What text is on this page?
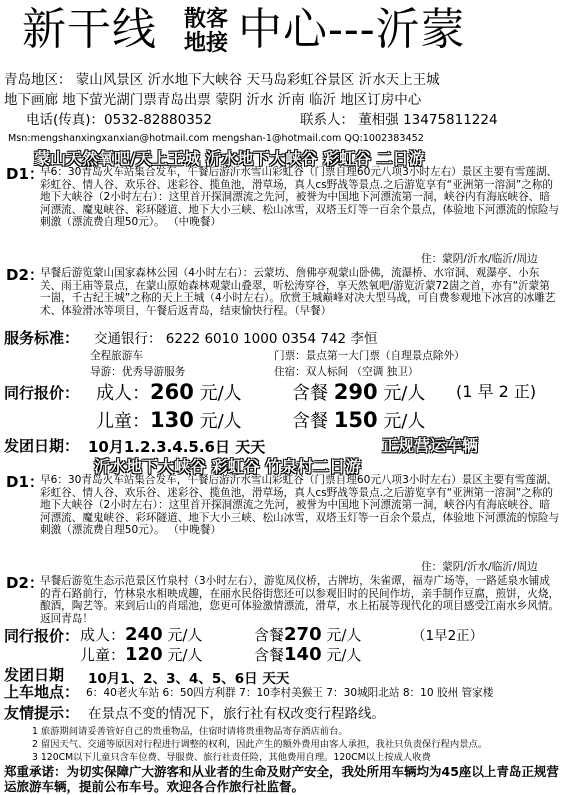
新干线 散客
地接 中心---沂蒙
青岛地区： 蒙山风景区 沂水地下大峡谷 天马岛彩虹谷景区 沂水天上王城
地下画廊 地下萤光湖门票青岛出票 蒙阴 沂水 沂南 临沂 地区订房中心
电话(传真)：0532-82880352	联系人： 董相强 13475811224
Msn:mengshanxingxanxian@hotmail.com mengshan-1@hotmail.com QQ:1002383452
蒙山天然氧吧/天上王城 沂水地下大峡谷 彩虹谷 二日游
D1：
早6：30青岛火车站集合发车，午餐后游沂水雪山彩虹谷（门票自理60元八项3小时左右）景区主要有雪莲湖、彩虹谷、情人谷、欢乐谷、迷彩谷、揽鱼池，滑草场，真人cs野战等景点.之后游览享有“亚洲第一溶洞”之称的地下大峡谷（2小时左右）：这里首开探洞漂流之先河，被誉为中国地下河漂流第一洞，峡谷内有海底峡谷、暗河漂流、魔鬼峡谷、彩环隧道、地下大小三峡、松山冰雪，双塔玉灯等一百余个景点，体验地下河漂流的惊险与刺激（漂流费自理50元）。 （中晚餐）
住：蒙阴/沂水/临沂/周边
D2：
早餐后游览蒙山国家森林公园（4小时左右）：云蒙坊、詹佛亭观蒙山卧佛，流瀑桥、水帘洞、观瀑亭、小东关、雨王庙等景点，在蒙山原始森林观蒙山叠翠，听松涛穿谷，享天然氧吧/游览沂蒙72崮之首，亦有“沂蒙第一崮，千古纪王城”之称的天上王城（4小时左右）。欣赏王城巅峰对决大型马战，可自费参观地下冰宫的冰雕艺术、体验滑冰等项目，午餐后返青岛，结束愉快行程。（早餐）
服务标准： 交通银行： 6222 6010 1000 0354 742 李恒
全程旅游车	门票：景点第一大门票（自理景点除外）
导游：优秀导游服务	住宿：双人标间 （空调 独卫）
同行报价： 成人：260 元/人	含餐 290 元/人 (1 早 2 正)
儿童：130 元/人	含餐 150 元/人
发团日期： 10月1.2.3.4.5.6日 天天	正规营运车辆
沂水地下大峡谷 彩虹谷 竹泉村二日游
D1：
早6：30青岛火车站集合发车，午餐后游沂水雪山彩虹谷（门票自理60元八项3小时左右）景区主要有雪莲湖、彩虹谷、情人谷、欢乐谷、迷彩谷、揽鱼池，滑草场，真人cs野战等景点.之后游览享有“亚洲第一溶洞”之称的地下大峡谷（2小时左右）：这里首开探洞漂流之先河，被誉为中国地下河漂流第一洞，峡谷内有海底峡谷、暗河漂流、魔鬼峡谷、彩环隧道、地下大小三峡、松山冰雪，双塔玉灯等一百余个景点，体验地下河漂流的惊险与刺激（漂流费自理50元）。 （中晚餐）
住：蒙阴/沂水/临沂/周边
D2：
早餐后游览生态示范景区竹泉村（3小时左右），游览凤仪桥，古牌坊，朱雀谭，福寿广场等，一路延泉水铺成的青石路前行，竹林泉水相映成趣，在丽水民俗街您还可以参观旧时的民间作坊，亲手制作豆腐，煎饼，火烧，酿酒，陶艺等。来到后山的肖瑶池，您更可体验激情漂流，滑草，水上拓展等现代化的项目感受江南水乡风情。返回青岛！
同行报价： 成人：240 元/人	含餐270 元/人	（1早2正）
儿童：120 元/人	含餐140 元/人
发团日期 10月1、2、3、4、5、6日 天天
上车地点： 6：40老火车站 6：50四方利群 7：10李村美猴王 7：30城阳北站 8：10 胶州 管家楼
友情提示： 在景点不变的情况下，旅行社有权改变行程路线。
1 旅游期间请妥善管好自己的贵重物品，住宿时请将贵重物品寄存酒店前台。
2 留因天气、交通等原因对行程进行调整的权利，因此产生的额外费用由客人承担，我社只负责保行程内景点。
3 120CM以下儿童只含车位费、导服费、旅行社责任险，其他费用自理。120CM以上按成人收费
郑重承诺：为切实保障广大游客和从业者的生命及财产安全，我处所用车辆均为45座以上青岛正规营运旅游车辆，提前公布车号。欢迎各合作旅行社监督。
